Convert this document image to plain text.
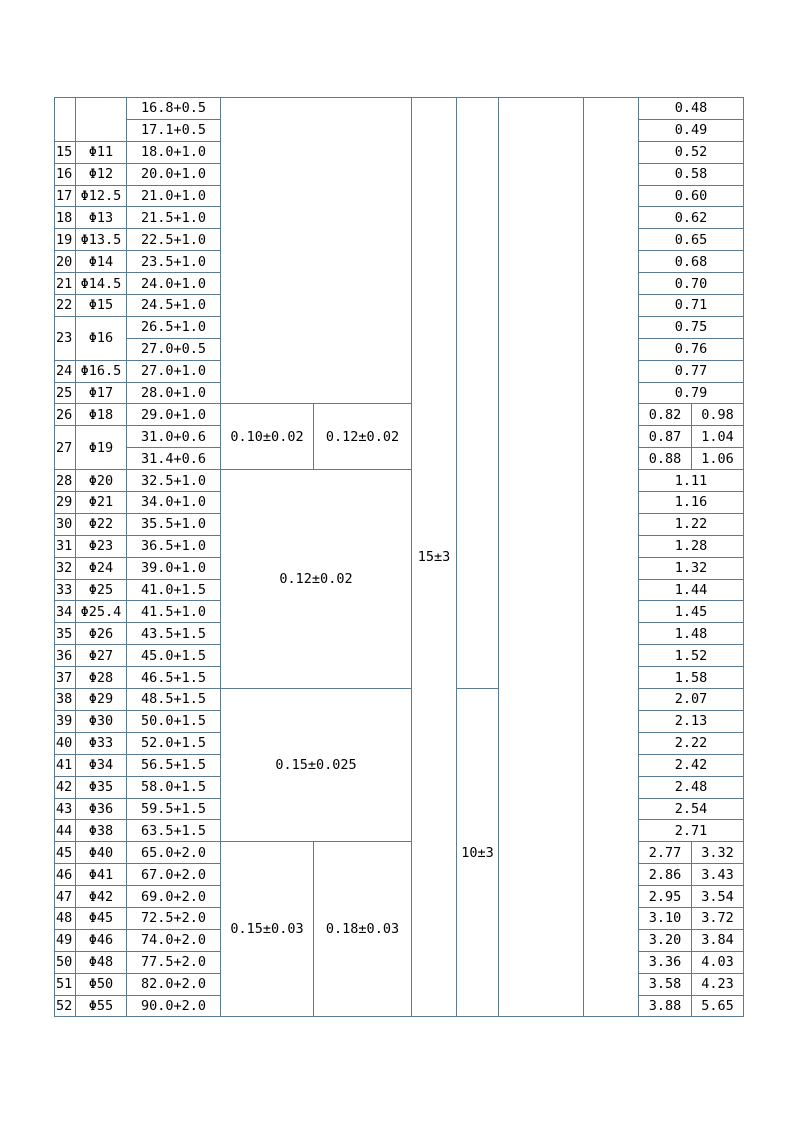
		16.8+0.5			15±3				0.48	
		17.1+0.5							0.49	
15	Φ11	18.0+1.0							0.52	
16	Φ12	20.0+1.0							0.58	
17	Φ12.5	21.0+1.0							0.60	
18	Φ13	21.5+1.0							0.62	
19	Φ13.5	22.5+1.0							0.65	
20	Φ14	23.5+1.0							0.68	
21	Φ14.5	24.0+1.0							0.70	
22	Φ15	24.5+1.0							0.71	
23	Φ16	26.5+1.0							0.75	
		27.0+0.5							0.76	
24	Φ16.5	27.0+1.0							0.77	
25	Φ17	28.0+1.0							0.79	
26	Φ18	29.0+1.0	0.10±0.02	0.12±0.02					0.82	0.98
27	Φ19	31.0+0.6							0.87	1.04
		31.4+0.6							0.88	1.06
28	Φ20	32.5+1.0	0.12±0.02						1.11	
29	Φ21	34.0+1.0							1.16	
30	Φ22	35.5+1.0							1.22	
31	Φ23	36.5+1.0							1.28	
32	Φ24	39.0+1.0							1.32	
33	Φ25	41.0+1.5							1.44	
34	Φ25.4	41.5+1.0							1.45	
35	Φ26	43.5+1.5							1.48	
36	Φ27	45.0+1.5							1.52	
37	Φ28	46.5+1.5							1.58	
38	Φ29	48.5+1.5	0.15±0.025			10±3			2.07	
39	Φ30	50.0+1.5							2.13	
40	Φ33	52.0+1.5							2.22	
41	Φ34	56.5+1.5							2.42	
42	Φ35	58.0+1.5							2.48	
43	Φ36	59.5+1.5							2.54	
44	Φ38	63.5+1.5							2.71	
45	Φ40	65.0+2.0	0.15±0.03	0.18±0.03					2.77	3.32
46	Φ41	67.0+2.0							2.86	3.43
47	Φ42	69.0+2.0							2.95	3.54
48	Φ45	72.5+2.0							3.10	3.72
49	Φ46	74.0+2.0							3.20	3.84
50	Φ48	77.5+2.0							3.36	4.03
51	Φ50	82.0+2.0							3.58	4.23
52	Φ55	90.0+2.0							3.88	5.65
